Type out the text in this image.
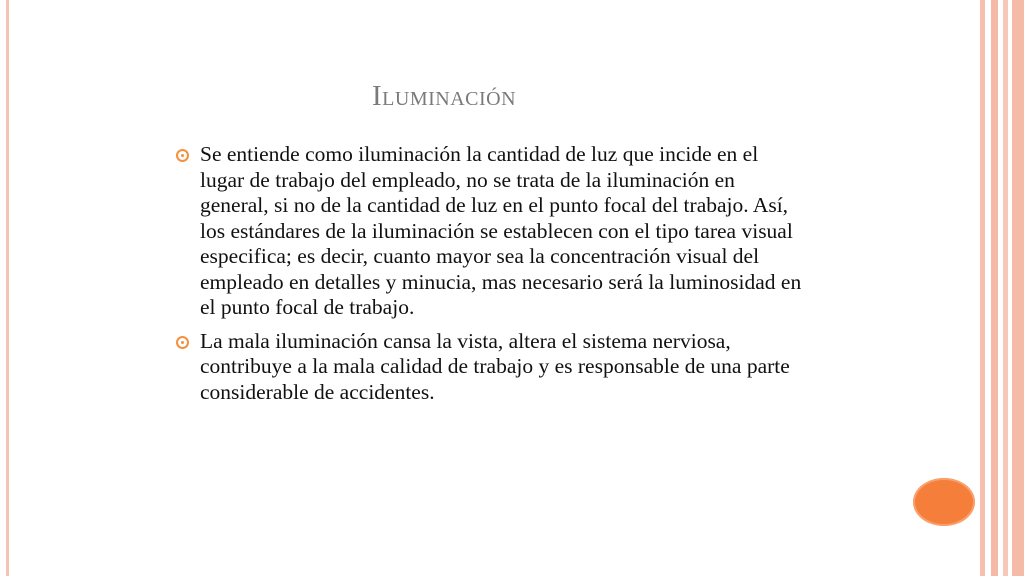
Iluminación
Se entiende como iluminación la cantidad de luz que incide en el lugar de trabajo del empleado, no se trata de la iluminación en general, si no de la cantidad de luz en el punto focal del trabajo. Así, los estándares de la iluminación se establecen con el tipo tarea visual especifica; es decir, cuanto mayor sea la concentración visual del empleado en detalles y minucia, mas necesario será la luminosidad en el punto focal de trabajo.
La mala iluminación cansa la vista, altera el sistema nerviosa, contribuye a la mala calidad de trabajo y es responsable de una parte considerable de accidentes.
